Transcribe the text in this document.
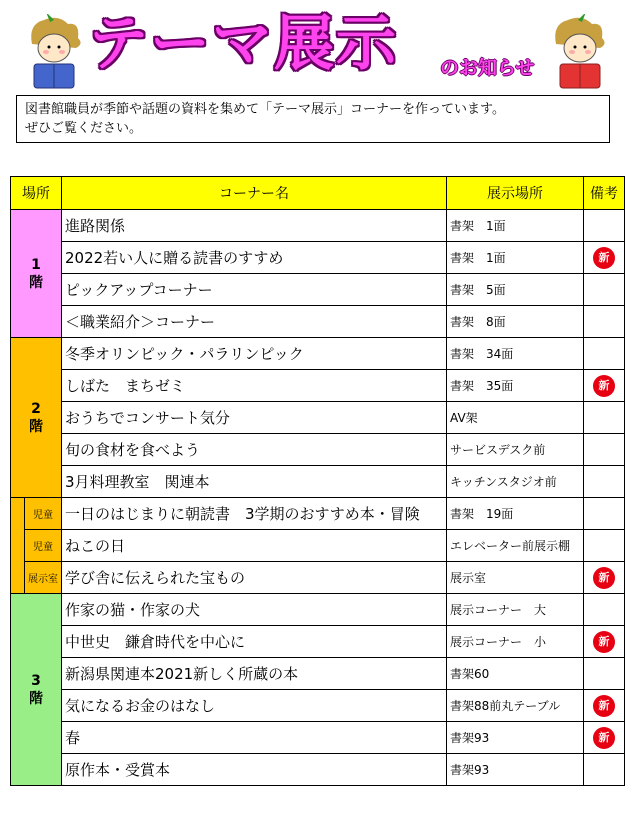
テーマ展示 のお知らせ

図書館職員が季節や話題の資料を集めて「テーマ展示」コーナーを作っています。

ぜひご覧ください。

場所		コーナー名	展示場所	備考
1
階		進路関係	書架　1面	
		2022若い人に贈る読書のすすめ	書架　1面	新
		ピックアップコーナー	書架　5面	
		＜職業紹介＞コーナー	書架　8面	
2
階		冬季オリンピック・パラリンピック	書架　34面	
		しばた　まちゼミ	書架　35面	新
		おうちでコンサート気分	AV架	
		旬の食材を食べよう	サービスデスク前	
		3月料理教室　関連本	キッチンスタジオ前	
	児童	一日のはじまりに朝読書　3学期のおすすめ本・冒険	書架　19面	
	児童	ねこの日	エレベーター前展示棚	
	展示室	学び舎に伝えられた宝もの	展示室	新
3
階		作家の猫・作家の犬	展示コーナー　大	
		中世史　鎌倉時代を中心に	展示コーナー　小	新
		新潟県関連本2021新しく所蔵の本	書架60	
		気になるお金のはなし	書架88前丸テーブル	新
		春	書架93	新
		原作本・受賞本	書架93	
